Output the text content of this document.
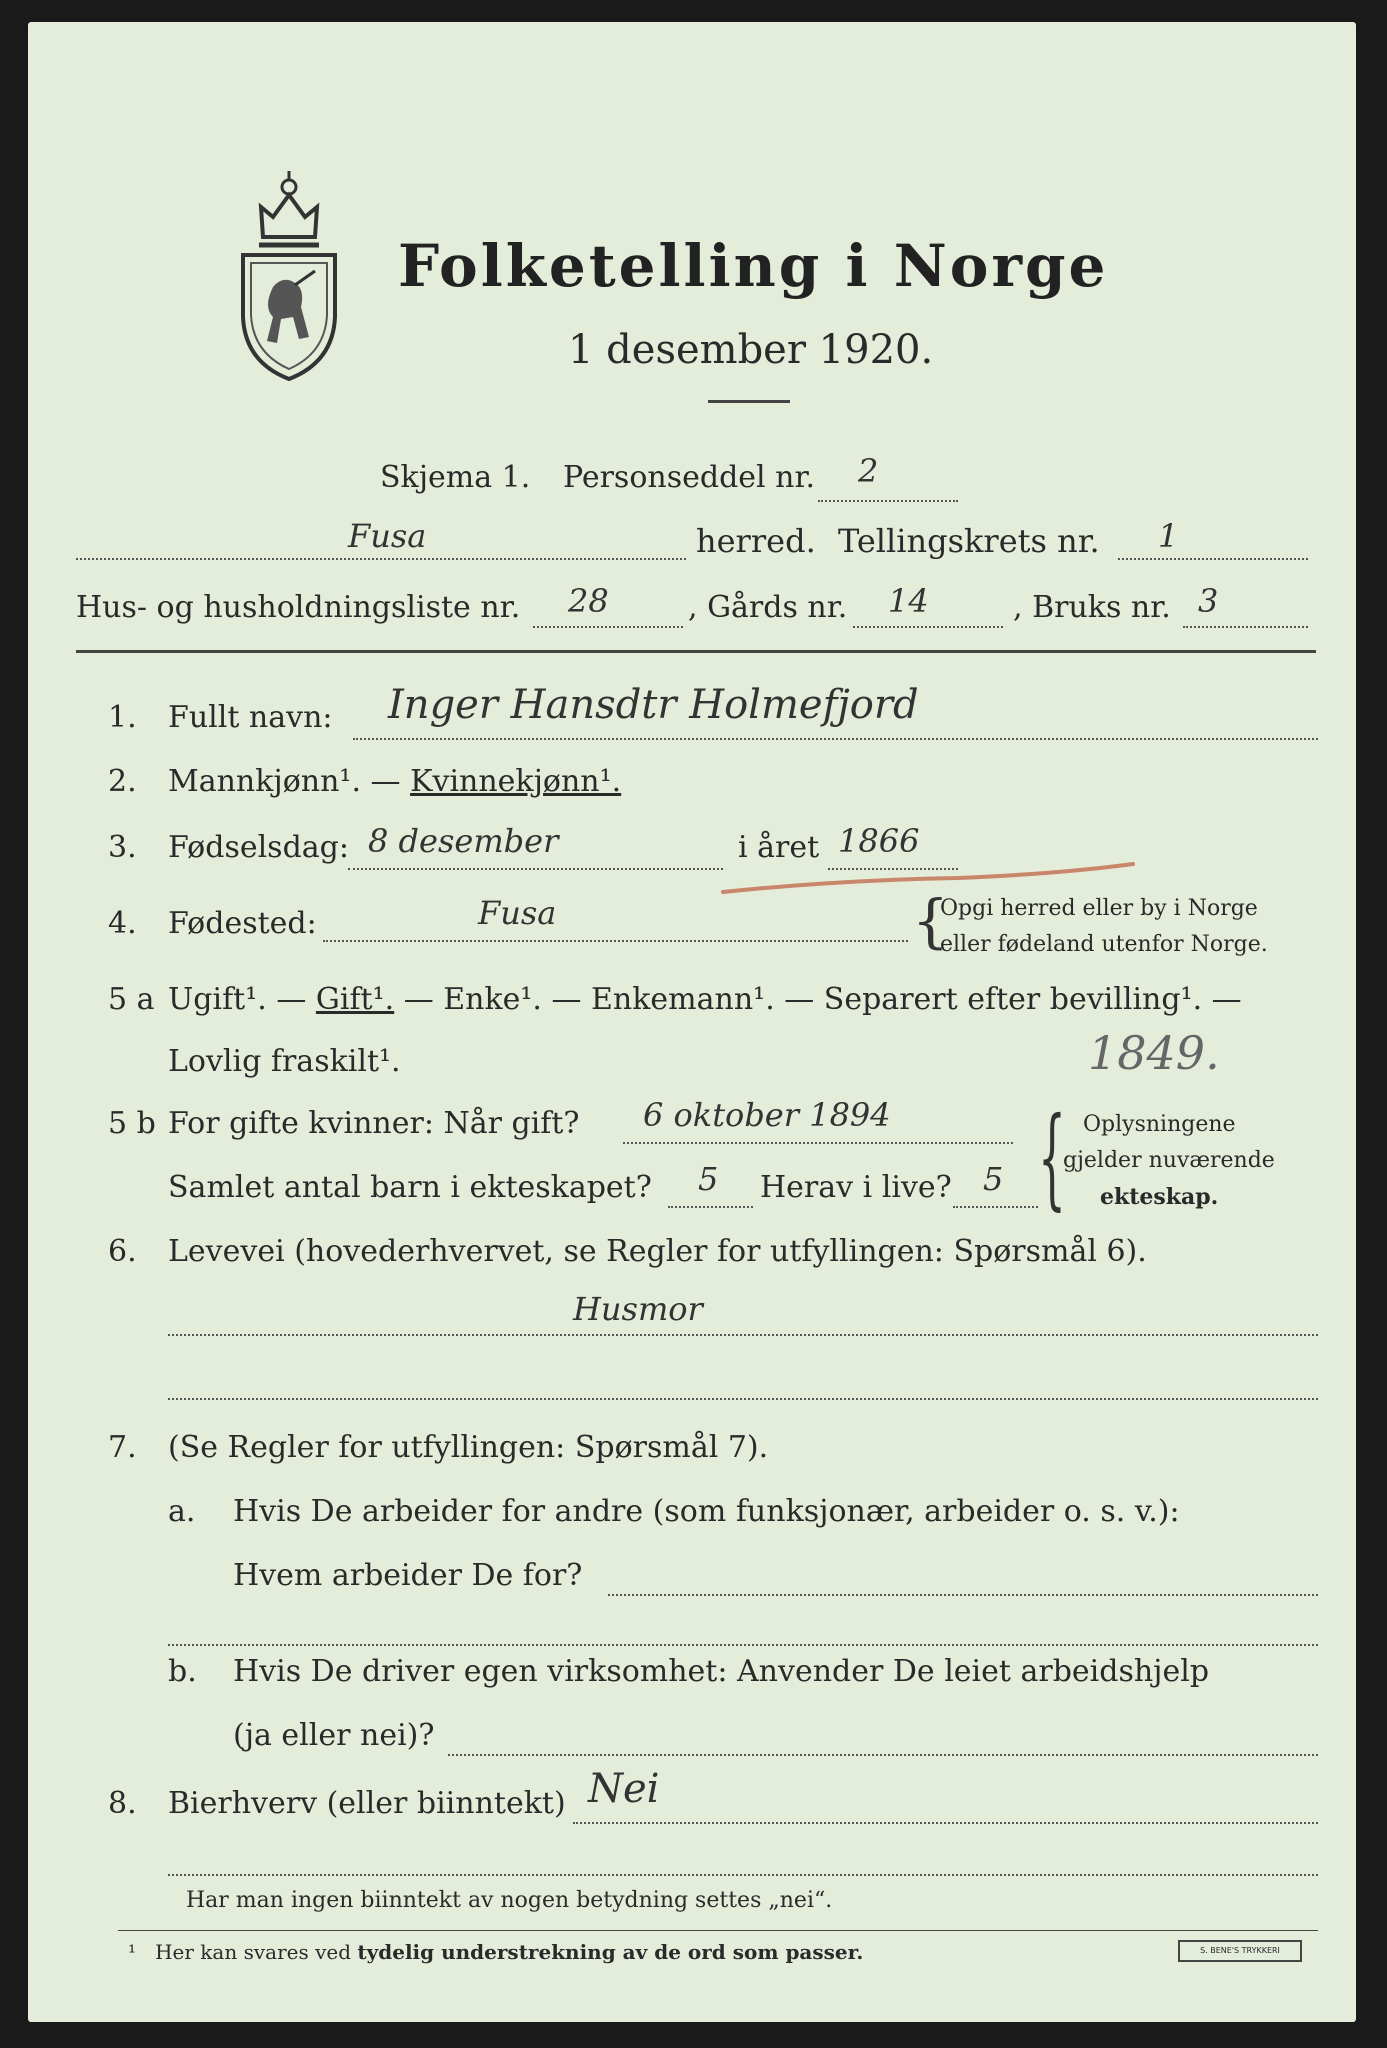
Folketelling i Norge
1 desember 1920.
Skjema 1. Personseddel nr. 2
Fusa	herred. Tellingskrets nr. 1
Hus- og husholdningsliste nr. 28	, Gårds nr. 14	, Bruks nr. 3
1. Fullt navn: Inger Hansdtr Holmefjord
2. Mannkjønn¹. — Kvinnekjønn¹.
3. Fødselsdag: 8 desember	i året 1866
4. Fødested:	Fusa	{
Opgi herred eller by i Norge
eller fødeland utenfor Norge.
5 a Ugift¹. — Gift¹. — Enke¹. — Enkemann¹. — Separert efter bevilling¹. —
Lovlig fraskilt¹.	1849.
5 b For gifte kvinner: Når gift? 6 oktober 1894
Samlet antal barn i ekteskapet? 5 Herav i live? 5 { Oplysningene
gjelder nuværende
ekteskap.
6. Levevei (hovederhvervet, se Regler for utfyllingen: Spørsmål 6).
Husmor
7. (Se Regler for utfyllingen: Spørsmål 7).
a. Hvis De arbeider for andre (som funksjonær, arbeider o. s. v.):
Hvem arbeider De for?
b. Hvis De driver egen virksomhet: Anvender De leiet arbeidshjelp
(ja eller nei)?
8. Bierhverv (eller biinntekt) Nei
Har man ingen biinntekt av nogen betydning settes „nei“.
¹ Her kan svares ved tydelig understrekning av de ord som passer.	S. BENE'S TRYKKERI
